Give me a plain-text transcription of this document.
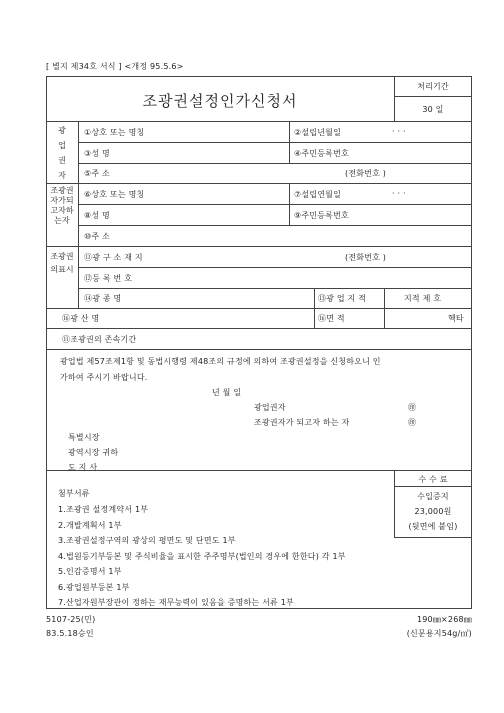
[ 별지 제34호 서식 ] <개정 95.5.6>
조광권설정인가신청서
처리기간
30 일
광업권자
①상호 또는 명칭	②설립년월일	· · ·
③성 명	④주민등록번호
⑤주 소	(전화번호 )
조광권자가되고자하는자
⑥상호 또는 명칭	⑦설립연월일	· · ·
⑧성 명	⑨주민등록번호
⑩주 소
조광권의표시
⑪광 구 소 재 지	(전화번호 )
⑫등 록 번 호
⑭광 종 명	⑬광 업 지 적	지적 제 호
⑯광 산 명	⑯면 적	헥타
⑪조광권의 존속기간
광업법 제57조제1항 및 동법시행령 제48조의 규정에 의하여 조광권설정을 신청하오니 인
가하여 주시기 바랍니다.
년 월 일
광업권자	㊞
조광권자가 되고자 하는 자	㊞
특별시장
광역시장 귀하
도 지 사
첨부서류
1.조광권 설정계약서 1부
2.개발계획서 1부
3.조광권설정구역의 광상의 평면도 및 단면도 1부
4.법원등기부등본 및 주식비율을 표시한 주주명부(법인의 경우에 한한다) 각 1부
5.인감증명서 1부
6.광업원부등본 1부
7.산업자원부장관이 정하는 재무능력이 있음을 증명하는 서류 1부
수 수 료
수입증지
23,000원
(뒷면에 붙임)
5107-25(민)
83.5.18승인
190㎜×268㎜
(신문용지54g/㎡)
